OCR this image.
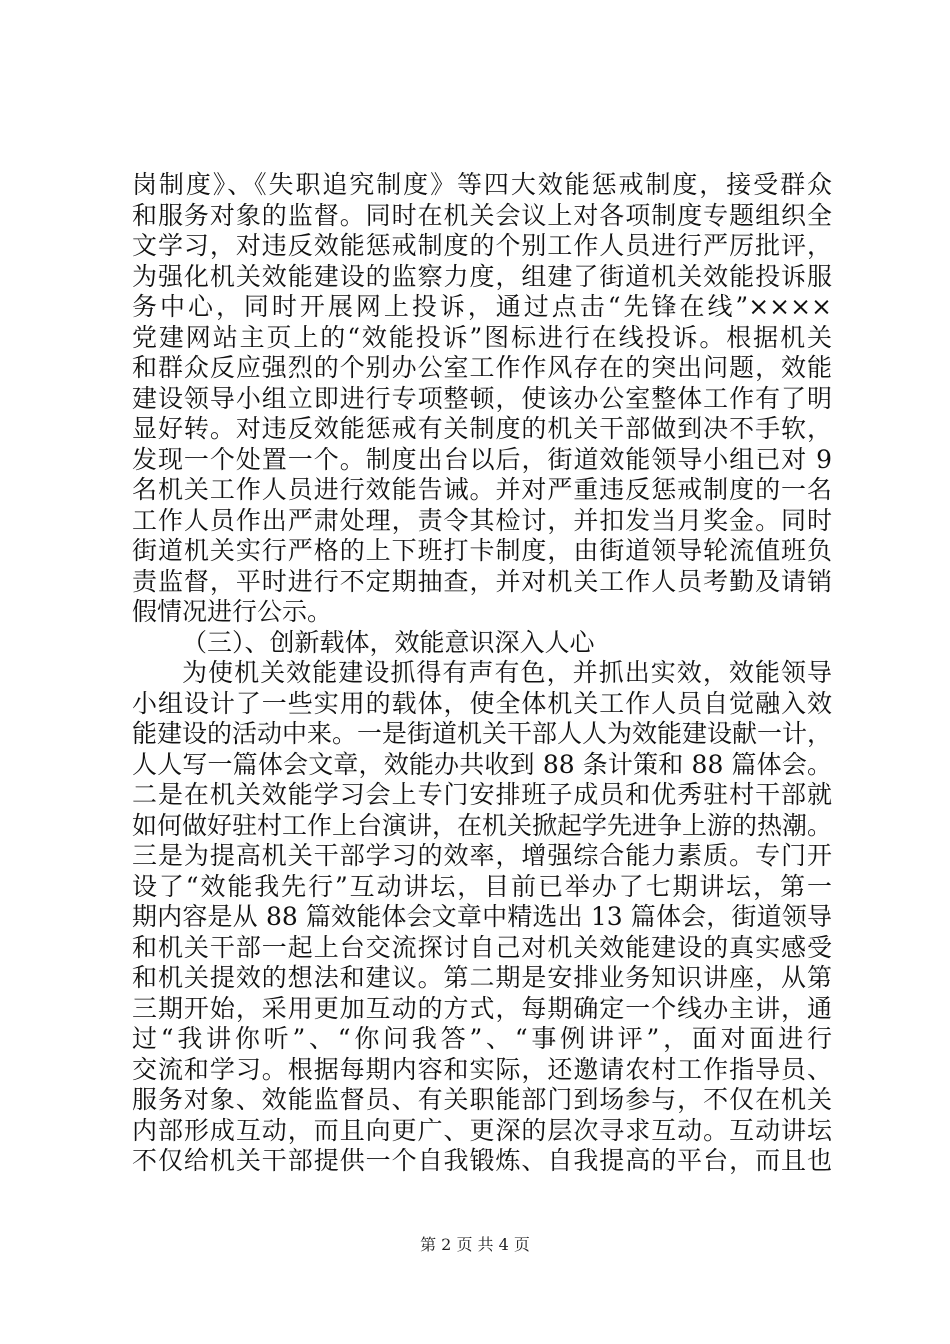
岗制度》、《失职追究制度》等四大效能惩戒制度，接受群众
和服务对象的监督。同时在机关会议上对各项制度专题组织全
文学习，对违反效能惩戒制度的个别工作人员进行严厉批评，
为强化机关效能建设的监察力度，组建了街道机关效能投诉服
务中心，同时开展网上投诉，通过点击“先锋在线”××××
党建网站主页上的“效能投诉”图标进行在线投诉。根据机关
和群众反应强烈的个别办公室工作作风存在的突出问题，效能
建设领导小组立即进行专项整顿，使该办公室整体工作有了明
显好转。对违反效能惩戒有关制度的机关干部做到决不手软，
发现一个处置一个。制度出台以后，街道效能领导小组已对 9
名机关工作人员进行效能告诫。并对严重违反惩戒制度的一名
工作人员作出严肃处理，责令其检讨，并扣发当月奖金。同时
街道机关实行严格的上下班打卡制度，由街道领导轮流值班负
责监督，平时进行不定期抽查，并对机关工作人员考勤及请销
假情况进行公示。
（三）、创新载体，效能意识深入人心
为使机关效能建设抓得有声有色，并抓出实效，效能领导
小组设计了一些实用的载体，使全体机关工作人员自觉融入效
能建设的活动中来。一是街道机关干部人人为效能建设献一计，
人人写一篇体会文章，效能办共收到 88 条计策和 88 篇体会。
二是在机关效能学习会上专门安排班子成员和优秀驻村干部就
如何做好驻村工作上台演讲，在机关掀起学先进争上游的热潮。
三是为提高机关干部学习的效率，增强综合能力素质。专门开
设了“效能我先行”互动讲坛，目前已举办了七期讲坛，第一
期内容是从 88 篇效能体会文章中精选出 13 篇体会，街道领导
和机关干部一起上台交流探讨自己对机关效能建设的真实感受
和机关提效的想法和建议。第二期是安排业务知识讲座，从第
三期开始，采用更加互动的方式，每期确定一个线办主讲，通
过“我讲你听”、“你问我答”、“事例讲评”，面对面进行
交流和学习。根据每期内容和实际，还邀请农村工作指导员、
服务对象、效能监督员、有关职能部门到场参与，不仅在机关
内部形成互动，而且向更广、更深的层次寻求互动。互动讲坛
不仅给机关干部提供一个自我锻炼、自我提高的平台，而且也
第 2 页 共 4 页
